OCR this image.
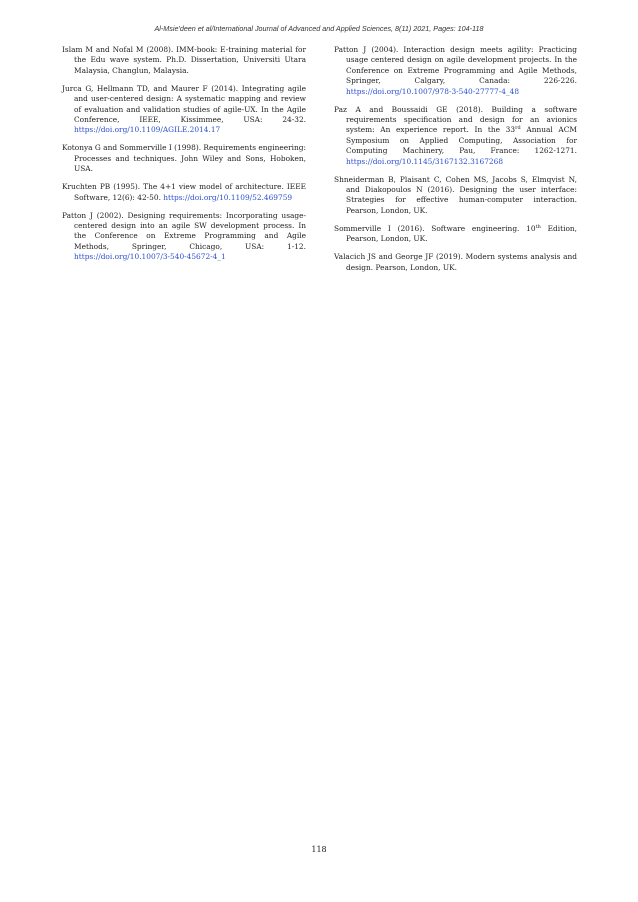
Al-Msie'deen et al/International Journal of Advanced and Applied Sciences, 8(11) 2021, Pages: 104-118

Islam M and Nofal M (2008). IMM-book: E-training material for the Edu wave system. Ph.D. Dissertation, Universiti Utara Malaysia, Changlun, Malaysia.

Jurca G, Hellmann TD, and Maurer F (2014). Integrating agile and user-centered design: A systematic mapping and review of evaluation and validation studies of agile-UX. In the Agile Conference, IEEE, Kissimmee, USA: 24-32. https://doi.org/10.1109/AGILE.2014.17

Kotonya G and Sommerville I (1998). Requirements engineering: Processes and techniques. John Wiley and Sons, Hoboken, USA.

Kruchten PB (1995). The 4+1 view model of architecture. IEEE Software, 12(6): 42-50. https://doi.org/10.1109/52.469759

Patton J (2002). Designing requirements: Incorporating usage-centered design into an agile SW development process. In the Conference on Extreme Programming and Agile Methods, Springer, Chicago, USA: 1-12. https://doi.org/10.1007/3-540-45672-4_1

Patton J (2004). Interaction design meets agility: Practicing usage centered design on agile development projects. In the Conference on Extreme Programming and Agile Methods, Springer, Calgary, Canada: 226-226. https://doi.org/10.1007/978-3-540-27777-4_48

Paz A and Boussaidi GE (2018). Building a software requirements specification and design for an avionics system: An experience report. In the 33rd Annual ACM Symposium on Applied Computing, Association for Computing Machinery, Pau, France: 1262-1271. https://doi.org/10.1145/3167132.3167268

Shneiderman B, Plaisant C, Cohen MS, Jacobs S, Elmqvist N, and Diakopoulos N (2016). Designing the user interface: Strategies for effective human-computer interaction. Pearson, London, UK.

Sommerville I (2016). Software engineering. 10th Edition, Pearson, London, UK.

Valacich JS and George JF (2019). Modern systems analysis and design. Pearson, London, UK.

118
